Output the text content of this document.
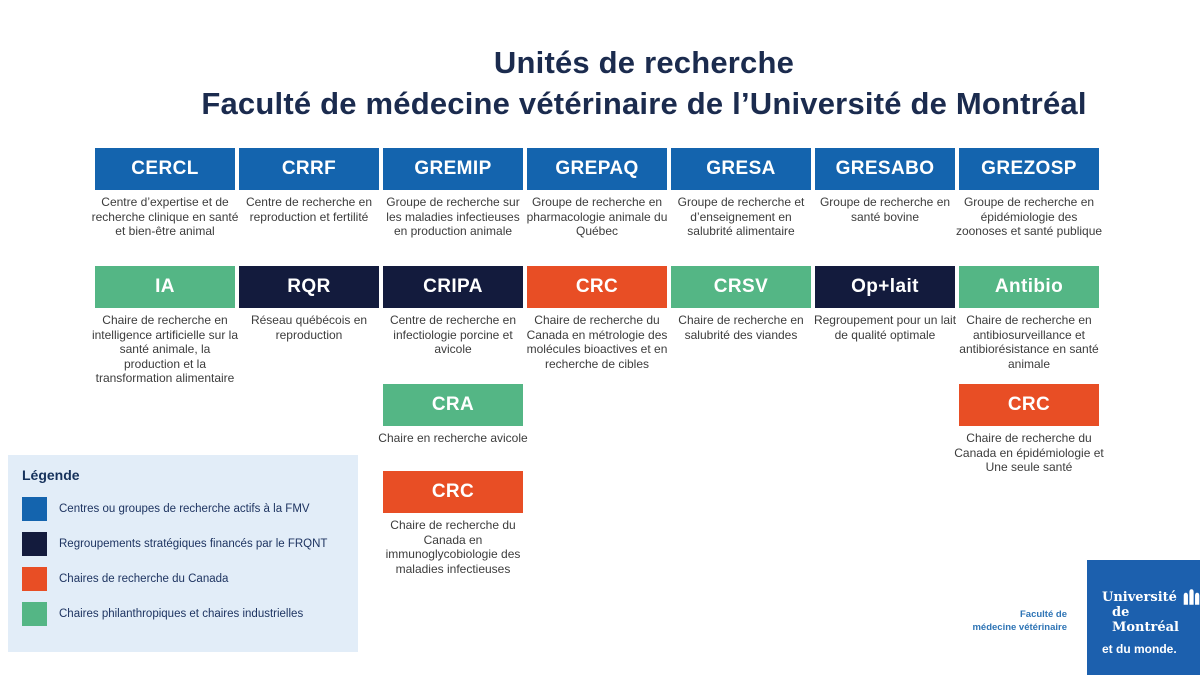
Unités de recherche
Faculté de médecine vétérinaire de l’Université de Montréal
CERCL
Centre d’expertise et de recherche clinique en santé et bien-être animal
CRRF
Centre de recherche en reproduction et fertilité
GREMIP
Groupe de recherche sur les maladies infectieuses en production animale
GREPAQ
Groupe de recherche en pharmacologie animale du Québec
GRESA
Groupe de recherche et d’enseignement en salubrité alimentaire
GRESABO
Groupe de recherche en santé bovine
GREZOSP
Groupe de recherche en épidémiologie des zoonoses et santé publique
IA
Chaire de recherche en intelligence artificielle sur la santé animale, la production et la transformation alimentaire
RQR
Réseau québécois en reproduction
CRIPA
Centre de recherche en infectiologie porcine et avicole
CRC
Chaire de recherche du Canada en métrologie des molécules bioactives et en recherche de cibles
CRSV
Chaire de recherche en salubrité des viandes
Op+lait
Regroupement pour un lait de qualité optimale
Antibio
Chaire de recherche en antibiosurveillance et antibiorésistance en santé animale
CRA
Chaire en recherche avicole
CRC
Chaire de recherche du Canada en immunoglycobiologie des maladies infectieuses
CRC
Chaire de recherche du Canada en épidémiologie et Une seule santé
Légende
Centres ou groupes de recherche actifs à la FMV
Regroupements stratégiques financés par le FRQNT
Chaires de recherche du Canada
Chaires philanthropiques et chaires industrielles	Faculté de
médecine vétérinaire
Université
de Montréal
et du monde.
